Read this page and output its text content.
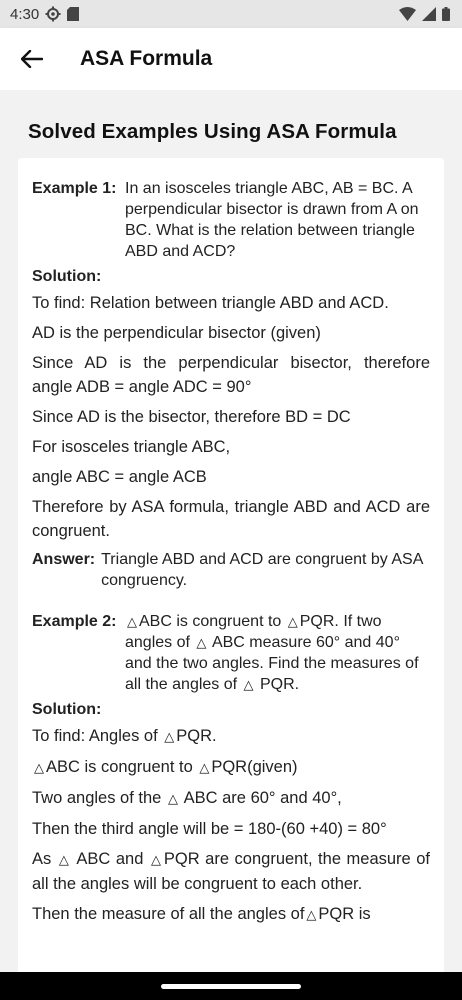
4:30
ASA Formula
Solved Examples Using ASA Formula
Example 1: In an isosceles triangle ABC, AB = BC. A perpendicular bisector is drawn from A on BC. What is the relation between triangle ABD and ACD?
Solution:
To find: Relation between triangle ABD and ACD.
AD is the perpendicular bisector (given)
Since AD is the perpendicular bisector, therefore angle ADB = angle ADC = 90°
Since AD is the bisector, therefore BD = DC
For isosceles triangle ABC,
angle ABC = angle ACB
Therefore by ASA formula, triangle ABD and ACD are congruent.
Answer: Triangle ABD and ACD are congruent by ASA congruency.
Example 2: △ ABC is congruent to △ PQR. If two angles of △ ABC measure 60° and 40° and the two angles. Find the measures of all the angles of △ PQR.
Solution:
To find: Angles of △ PQR.
△ ABC is congruent to △ PQR(given)
Two angles of the △ ABC are 60° and 40°,
Then the third angle will be = 180-(60 +40) = 80°
As △ ABC and △ PQR are congruent, the measure of all the angles will be congruent to each other.
Then the measure of all the angles of △ PQR is
